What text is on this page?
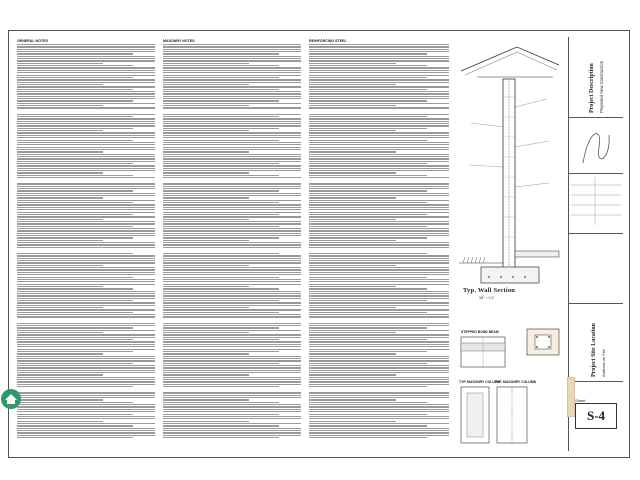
GENERAL NOTES	MASONRY NOTES	REINFORCING STEEL
Typ. Wall Section
3/4" = 1'-0"
STEPPED BOND BEAM
TYP. MASONRY COLUMN
TYP. MASONRY COLUMN
Project Description Proposed New Construction
Project Site Location Address on File
Sheet
S-4
